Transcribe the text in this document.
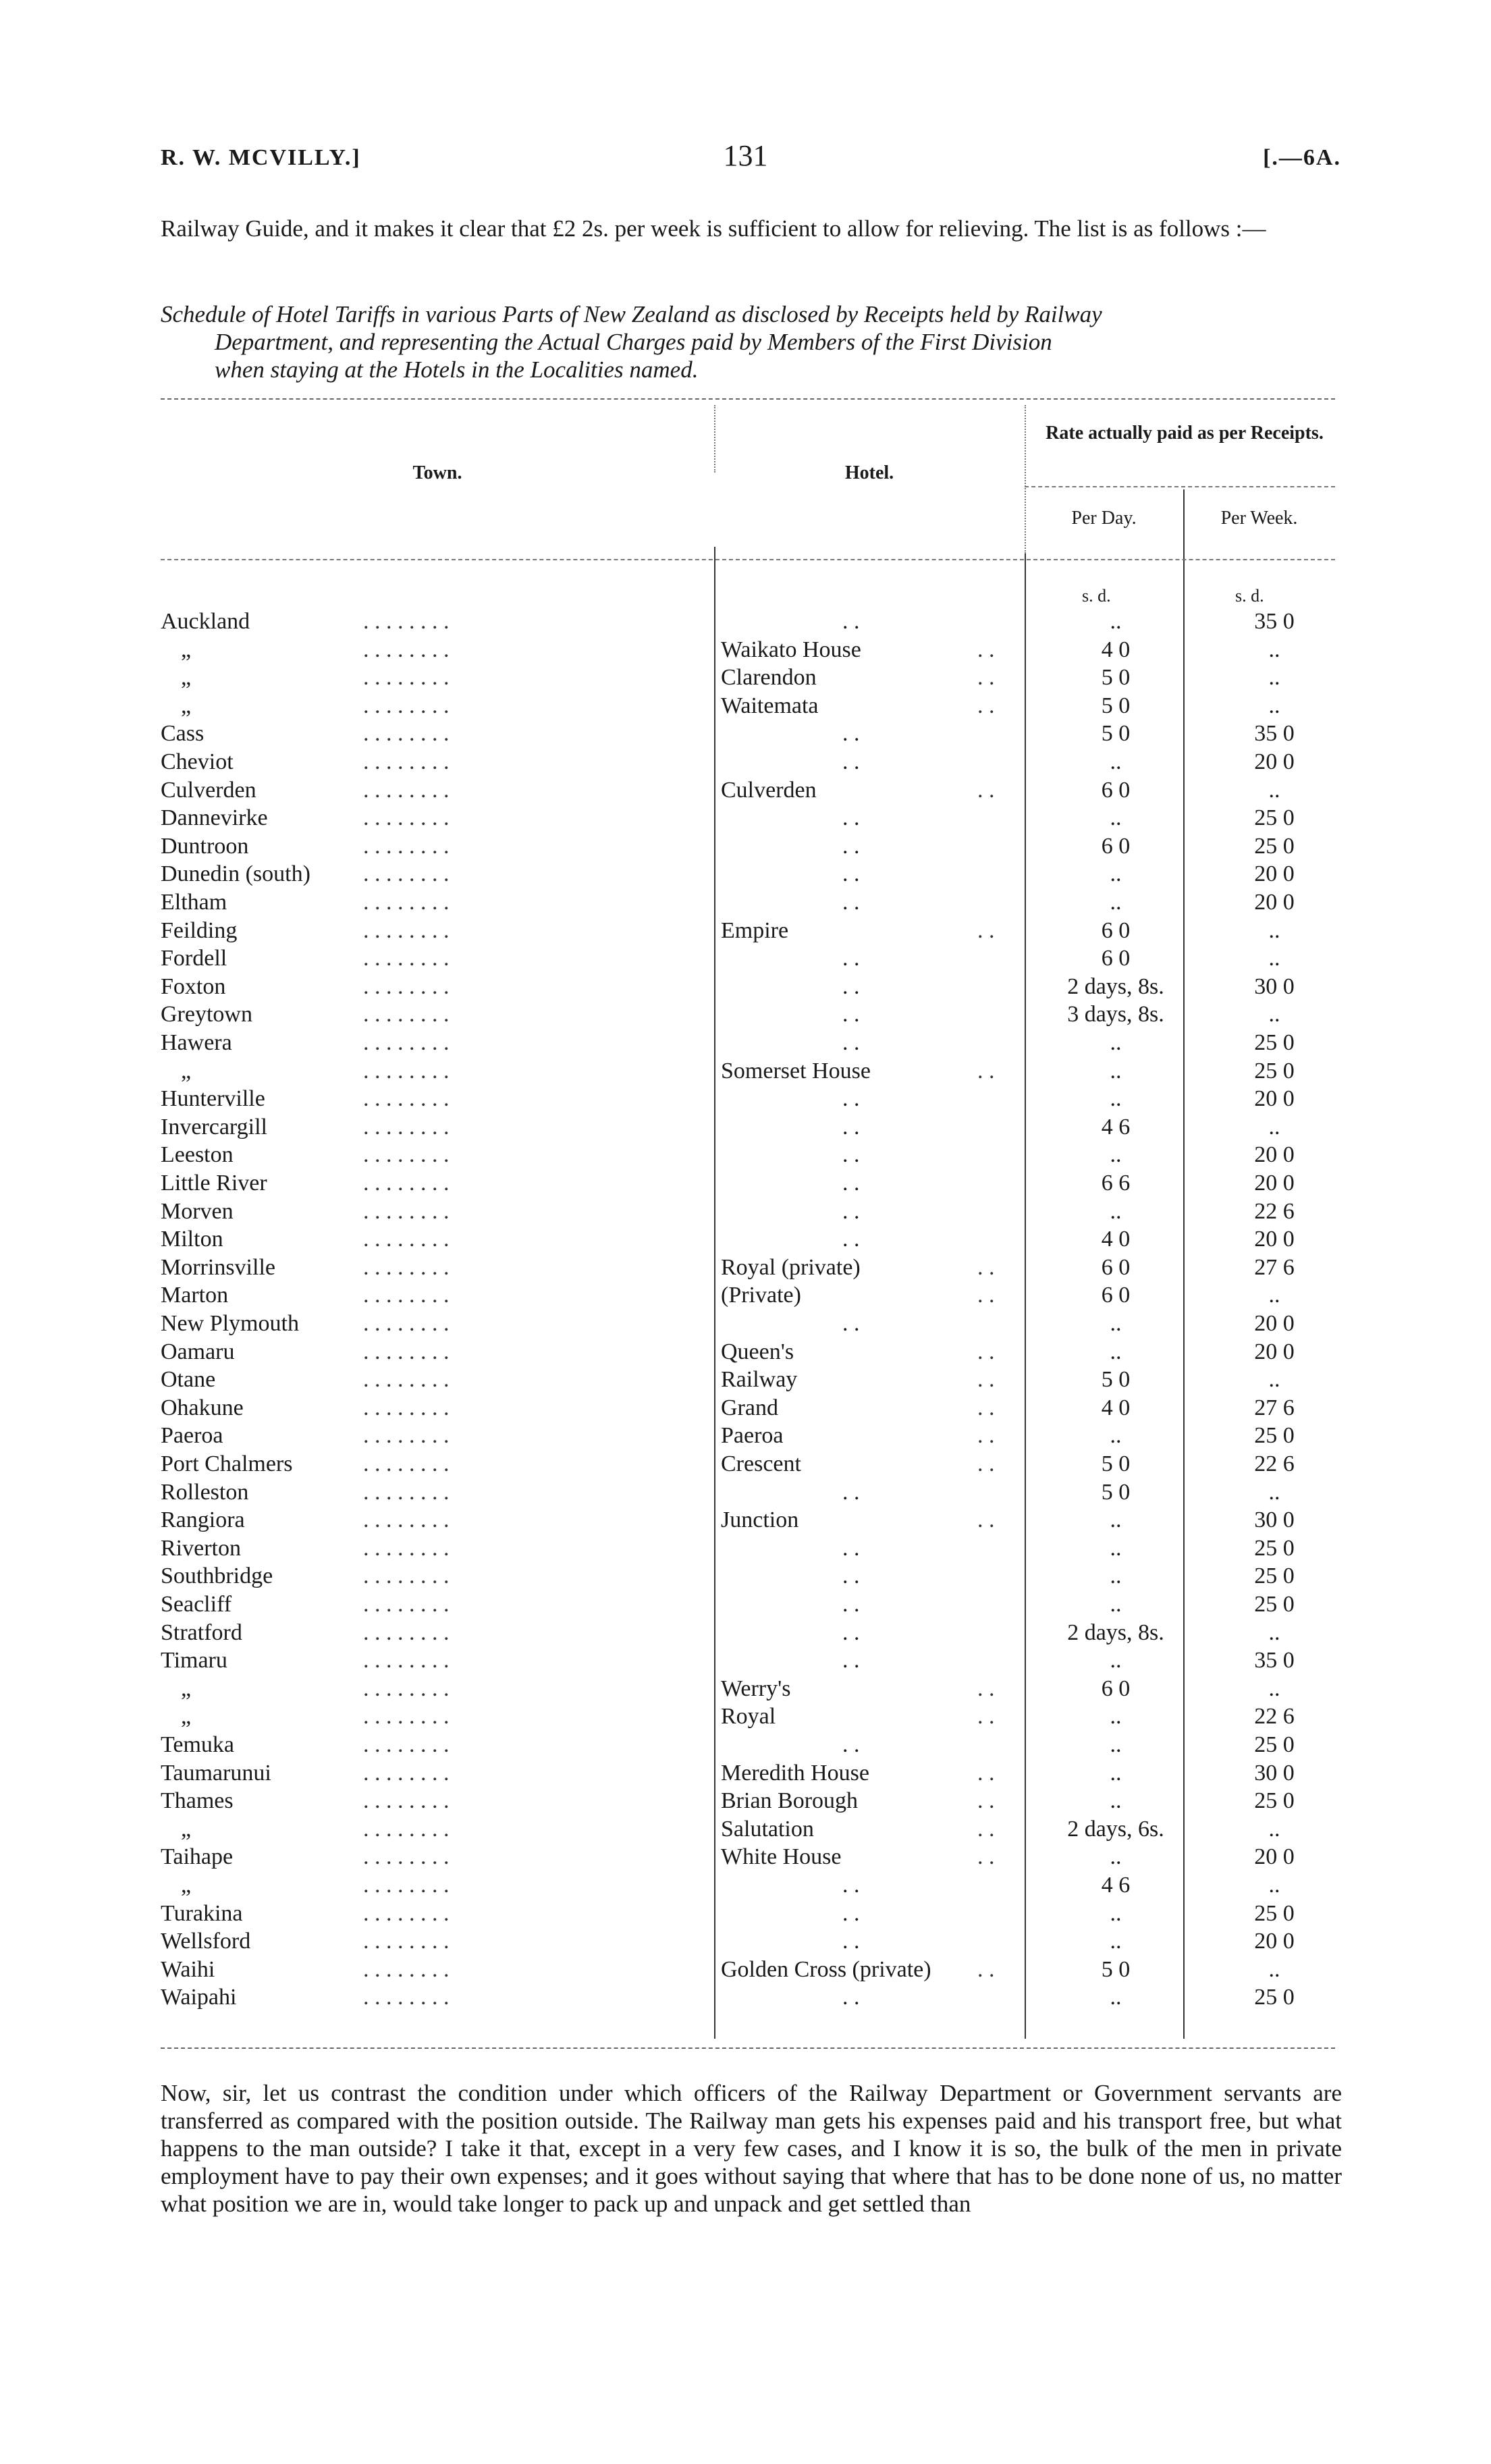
R. W. MCVILLY.]	131	[.—6A.
Railway Guide, and it makes it clear that £2 2s. per week is sufficient to allow for relieving. The list is as follows :—
Schedule of Hotel Tariffs in various Parts of New Zealand as disclosed by Receipts held by Railway
Department, and representing the Actual Charges paid by Members of the First Division
when staying at the Hotels in the Localities named.
Town.	Hotel.
Rate actually paid as per Receipts.
Per Day.	Per Week.
s. d.	s. d.
Auckland	. . . . . . . .	. .	..	35 0
„	. . . . . . . .	Waikato House	. .	4 0	..
„	. . . . . . . .	Clarendon	. .	5 0	..
„	. . . . . . . .	Waitemata	. .	5 0	..
Cass	. . . . . . . .	. .	5 0	35 0
Cheviot	. . . . . . . .	. .	..	20 0
Culverden	. . . . . . . .	Culverden	. .	6 0	..
Dannevirke	. . . . . . . .	. .	..	25 0
Duntroon	. . . . . . . .	. .	6 0	25 0
Dunedin (south)	. . . . . . . .	. .	..	20 0
Eltham	. . . . . . . .	. .	..	20 0
Feilding	. . . . . . . .	Empire	. .	6 0	..
Fordell	. . . . . . . .	. .	6 0	..
Foxton	. . . . . . . .	. .	2 days, 8s.	30 0
Greytown	. . . . . . . .	. .	3 days, 8s.	..
Hawera	. . . . . . . .	. .	..	25 0
„	. . . . . . . .	Somerset House	. .	..	25 0
Hunterville	. . . . . . . .	. .	..	20 0
Invercargill	. . . . . . . .	. .	4 6	..
Leeston	. . . . . . . .	. .	..	20 0
Little River	. . . . . . . .	. .	6 6	20 0
Morven	. . . . . . . .	. .	..	22 6
Milton	. . . . . . . .	. .	4 0	20 0
Morrinsville	. . . . . . . .	Royal (private)	. .	6 0	27 6
Marton	. . . . . . . .	(Private)	. .	6 0	..
New Plymouth	. . . . . . . .	. .	..	20 0
Oamaru	. . . . . . . .	Queen's	. .	..	20 0
Otane	. . . . . . . .	Railway	. .	5 0	..
Ohakune	. . . . . . . .	Grand	. .	4 0	27 6
Paeroa	. . . . . . . .	Paeroa	. .	..	25 0
Port Chalmers	. . . . . . . .	Crescent	. .	5 0	22 6
Rolleston	. . . . . . . .	. .	5 0	..
Rangiora	. . . . . . . .	Junction	. .	..	30 0
Riverton	. . . . . . . .	. .	..	25 0
Southbridge	. . . . . . . .	. .	..	25 0
Seacliff	. . . . . . . .	. .	..	25 0
Stratford	. . . . . . . .	. .	2 days, 8s.	..
Timaru	. . . . . . . .	. .	..	35 0
„	. . . . . . . .	Werry's	. .	6 0	..
„	. . . . . . . .	Royal	. .	..	22 6
Temuka	. . . . . . . .	. .	..	25 0
Taumarunui	. . . . . . . .	Meredith House	. .	..	30 0
Thames	. . . . . . . .	Brian Borough	. .	..	25 0
„	. . . . . . . .	Salutation	. .	2 days, 6s.	..
Taihape	. . . . . . . .	White House	. .	..	20 0
„	. . . . . . . .	. .	4 6	..
Turakina	. . . . . . . .	. .	..	25 0
Wellsford	. . . . . . . .	. .	..	20 0
Waihi	. . . . . . . .	Golden Cross (private) . .	5 0	..
Waipahi	. . . . . . . .	. .	..	25 0
Now, sir, let us contrast the condition under which officers of the Railway Department or Government servants are transferred as compared with the position outside. The Railway man gets his expenses paid and his transport free, but what happens to the man outside? I take it that, except in a very few cases, and I know it is so, the bulk of the men in private employment have to pay their own expenses; and it goes without saying that where that has to be done none of us, no matter what position we are in, would take longer to pack up and unpack and get settled than
